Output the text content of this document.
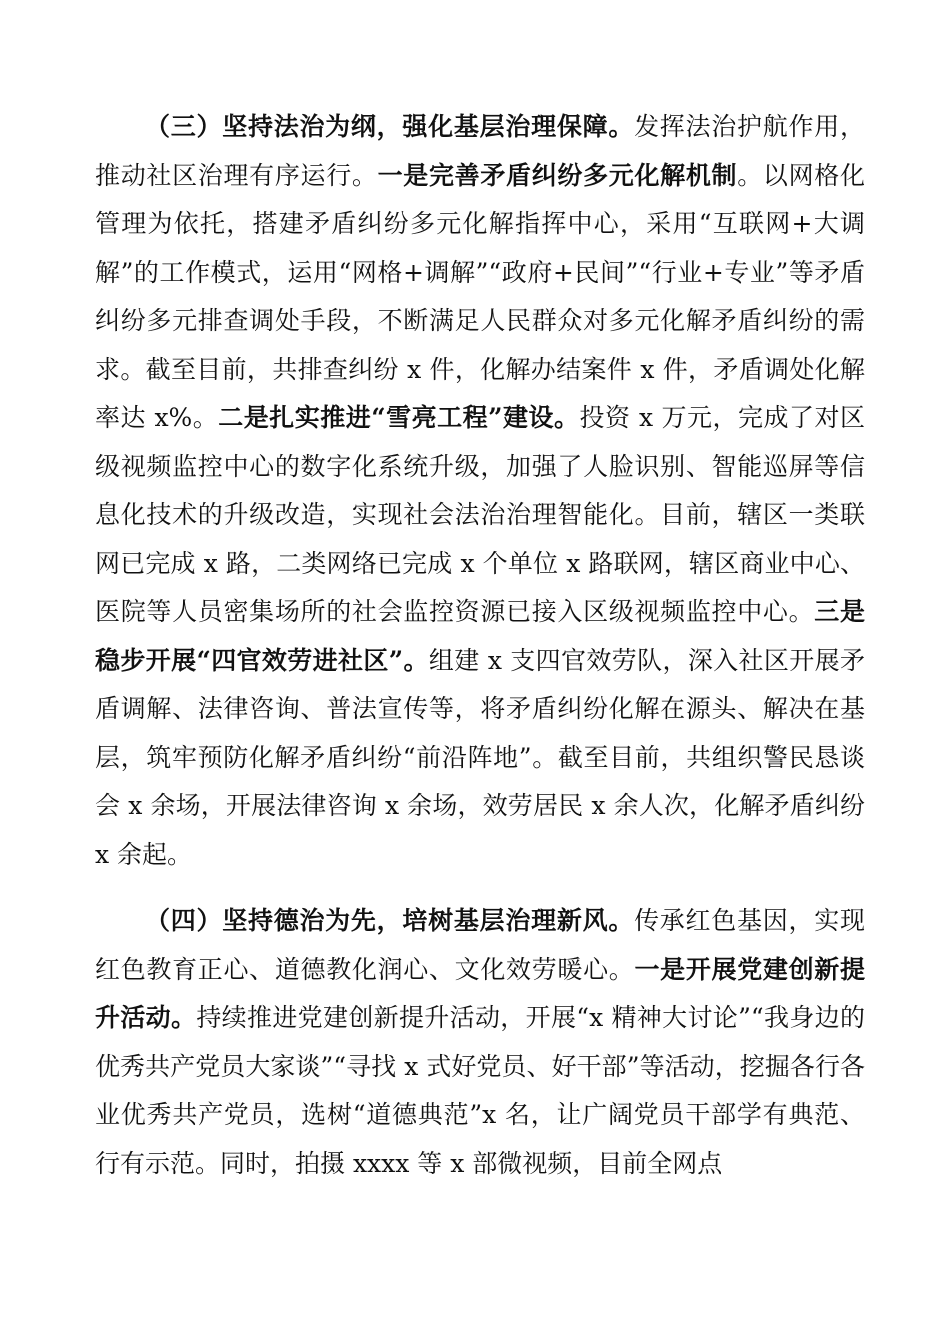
（三）坚持法治为纲，强化基层治理保障。发挥法治护航作用，推动社区治理有序运行。一是完善矛盾纠纷多元化解机制。以网格化管理为依托，搭建矛盾纠纷多元化解指挥中心，采用“互联网+大调解”的工作模式，运用“网格+调解”“政府+民间”“行业+专业”等矛盾纠纷多元排查调处手段，不断满足人民群众对多元化解矛盾纠纷的需求。截至目前，共排查纠纷 x 件，化解办结案件 x 件，矛盾调处化解率达 x%。二是扎实推进“雪亮工程”建设。投资 x 万元，完成了对区级视频监控中心的数字化系统升级，加强了人脸识别、智能巡屏等信息化技术的升级改造，实现社会法治治理智能化。目前，辖区一类联网已完成 x 路，二类网络已完成 x 个单位 x 路联网，辖区商业中心、医院等人员密集场所的社会监控资源已接入区级视频监控中心。三是稳步开展“四官效劳进社区”。组建 x 支四官效劳队，深入社区开展矛盾调解、法律咨询、普法宣传等，将矛盾纠纷化解在源头、解决在基层，筑牢预防化解矛盾纠纷“前沿阵地”。截至目前，共组织警民恳谈会 x 余场，开展法律咨询 x 余场，效劳居民 x 余人次，化解矛盾纠纷 x 余起。

（四）坚持德治为先，培树基层治理新风。传承红色基因，实现红色教育正心、道德教化润心、文化效劳暖心。一是开展党建创新提升活动。持续推进党建创新提升活动，开展“x 精神大讨论”“我身边的优秀共产党员大家谈”“寻找 x 式好党员、好干部”等活动，挖掘各行各业优秀共产党员，选树“道德典范”x 名，让广阔党员干部学有典范、行有示范。同时，拍摄 xxxx 等 x 部微视频，目前全网点
